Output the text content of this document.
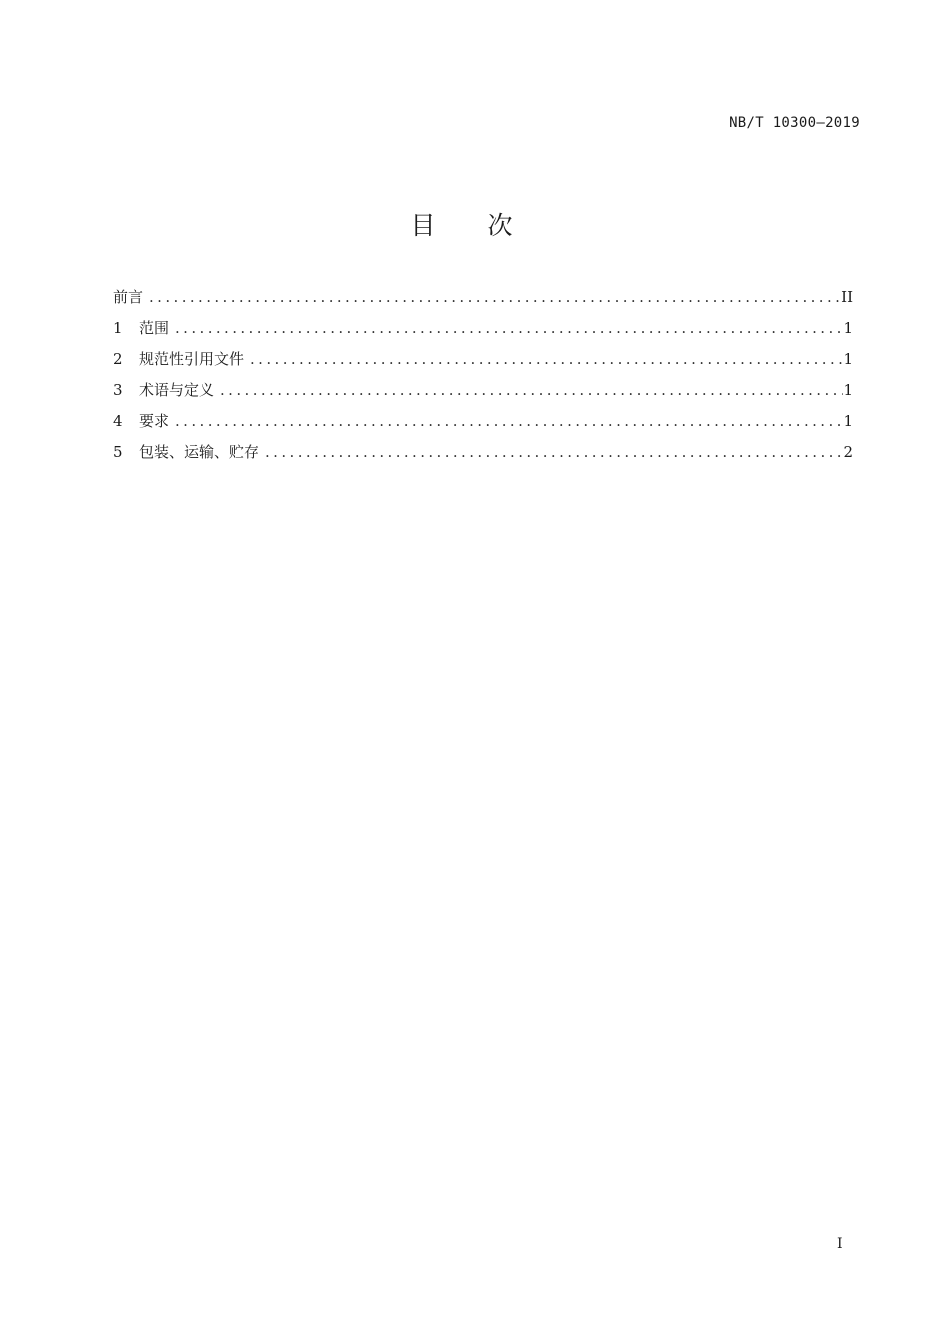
NB/T 10300—2019
目次
前言 .....	II
1	范围 .....	1
2	规范性引用文件 .....	1
3	术语与定义 .....	1
4	要求 .....	1
5	包装、运输、贮存 .....	2
I
